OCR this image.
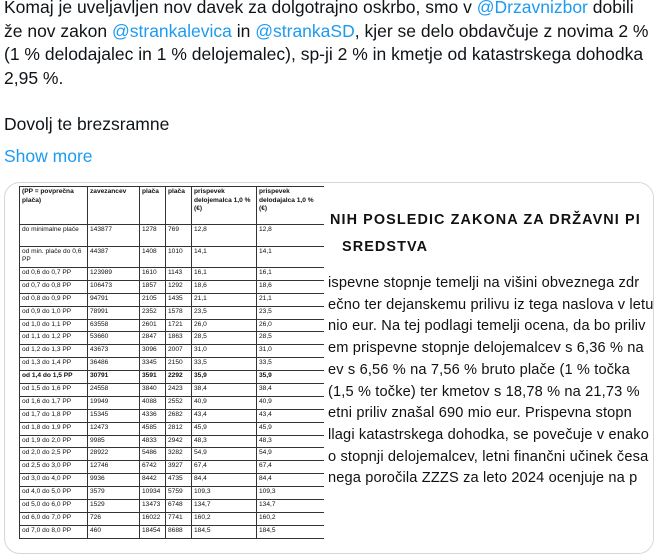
Komaj je uveljavljen nov davek za dolgotrajno oskrbo, smo v @Drzavnizbor dobili že nov zakon @strankalevica in @strankaSD, kjer se delo obdavčuje z novima 2 % (1 % delodajalec in 1 % delojemalec), sp-ji 2 % in kmetje od katastrskega dohodka 2,95 %.

Dovolj te brezsramne

Show more
(PP = povprečna plača)	zavezancev	plača	plača	prispevek delojemalca 1,0 % (€)	prispevek delodajalca 1,0 % (€)
do minimalne plače	143877	1278	769	12,8	12,8
od min. plače do 0,6 PP	44387	1408	1010	14,1	14,1
od 0,6 do 0,7 PP	123989	1610	1143	16,1	16,1
od 0,7 do 0,8 PP	106473	1857	1292	18,6	18,6
od 0,8 do 0,9 PP	94791	2105	1435	21,1	21,1
od 0,9 do 1,0 PP	78991	2352	1578	23,5	23,5
od 1,0 do 1,1 PP	63558	2601	1721	26,0	26,0
od 1,1 do 1,2 PP	53660	2847	1863	28,5	28,5
od 1,2 do 1,3 PP	43673	3096	2007	31,0	31,0
od 1,3 do 1,4 PP	36486	3345	2150	33,5	33,5
od 1,4 do 1,5 PP	30791	3591	2292	35,9	35,9
od 1,5 do 1,6 PP	24558	3840	2423	38,4	38,4
od 1,6 do 1,7 PP	19949	4088	2552	40,9	40,9
od 1,7 do 1,8 PP	15345	4336	2682	43,4	43,4
od 1,8 do 1,9 PP	12473	4585	2812	45,9	45,9
od 1,9 do 2,0 PP	9985	4833	2942	48,3	48,3
od 2,0 do 2,5 PP	28922	5486	3282	54,9	54,9
od 2,5 do 3,0 PP	12746	6742	3927	67,4	67,4
od 3,0 do 4,0 PP	9936	8442	4735	84,4	84,4
od 4,0 do 5,0 PP	3579	10934	5759	109,3	109,3
od 5,0 do 6,0 PP	1529	13473	6748	134,7	134,7
od 6,0 do 7,0 PP	726	16022	7741	160,2	160,2
od 7,0 do 8,0 PP	460	18454	8688	184,5	184,5
NIH POSLEDIC ZAKONA ZA DRŽAVNI PI
SREDSTVA
ispevne stopnje temelji na višini obveznega zdr
ečno ter dejanskemu prilivu iz tega naslova v letu
nio eur. Na tej podlagi temelji ocena, da bo priliv
em prispevne stopnje delojemalcev s 6,36 % na
ev s 6,56 % na 7,56 % bruto plače (1 % točka
(1,5 % točke) ter kmetov s 18,78 % na 21,73 %
etni priliv znašal 690 mio eur. Prispevna stopn
llagi katastrskega dohodka, se povečuje v enako
o stopnji delojemalcev, letni finančni učinek česa
nega poročila ZZZS za leto 2024 ocenjuje na p
